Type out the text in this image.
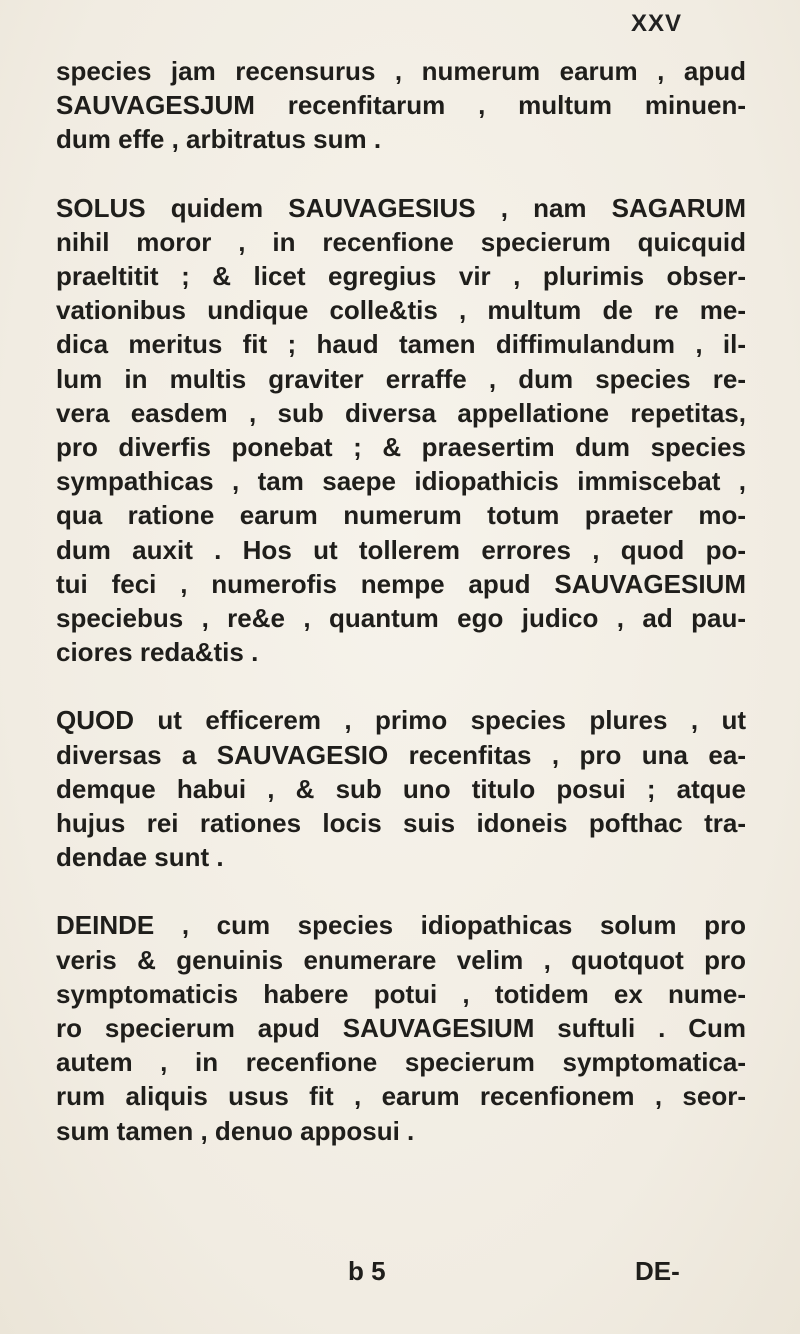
XXV

species jam recensurus , numerum earum , apud
SAUVAGESJUM recenfitarum , multum minuen-
dum effe , arbitratus sum .

SOLUS quidem SAUVAGESIUS , nam SAGARUM
nihil moror , in recenfione specierum quicquid
praeltitit ; & licet egregius vir , plurimis obser-
vationibus undique colle&tis , multum de re me-
dica meritus fit ; haud tamen diffimulandum , il-
lum in multis graviter erraffe , dum species re-
vera easdem , sub diversa appellatione repetitas,
pro diverfis ponebat ; & praesertim dum species
sympathicas , tam saepe idiopathicis immiscebat ,
qua ratione earum numerum totum praeter mo-
dum auxit . Hos ut tollerem errores , quod po-
tui feci , numerofis nempe apud SAUVAGESIUM
speciebus , re&e , quantum ego judico , ad pau-
ciores reda&tis .

QUOD ut efficerem , primo species plures , ut
diversas a SAUVAGESIO recenfitas , pro una ea-
demque habui , & sub uno titulo posui ; atque
hujus rei rationes locis suis idoneis pofthac tra-
dendae sunt .

DEINDE , cum species idiopathicas solum pro
veris & genuinis enumerare velim , quotquot pro
symptomaticis habere potui , totidem ex nume-
ro specierum apud SAUVAGESIUM suftuli . Cum
autem , in recenfione specierum symptomatica-
rum aliquis usus fit , earum recenfionem , seor-
sum tamen , denuo apposui .

b 5	DE-
